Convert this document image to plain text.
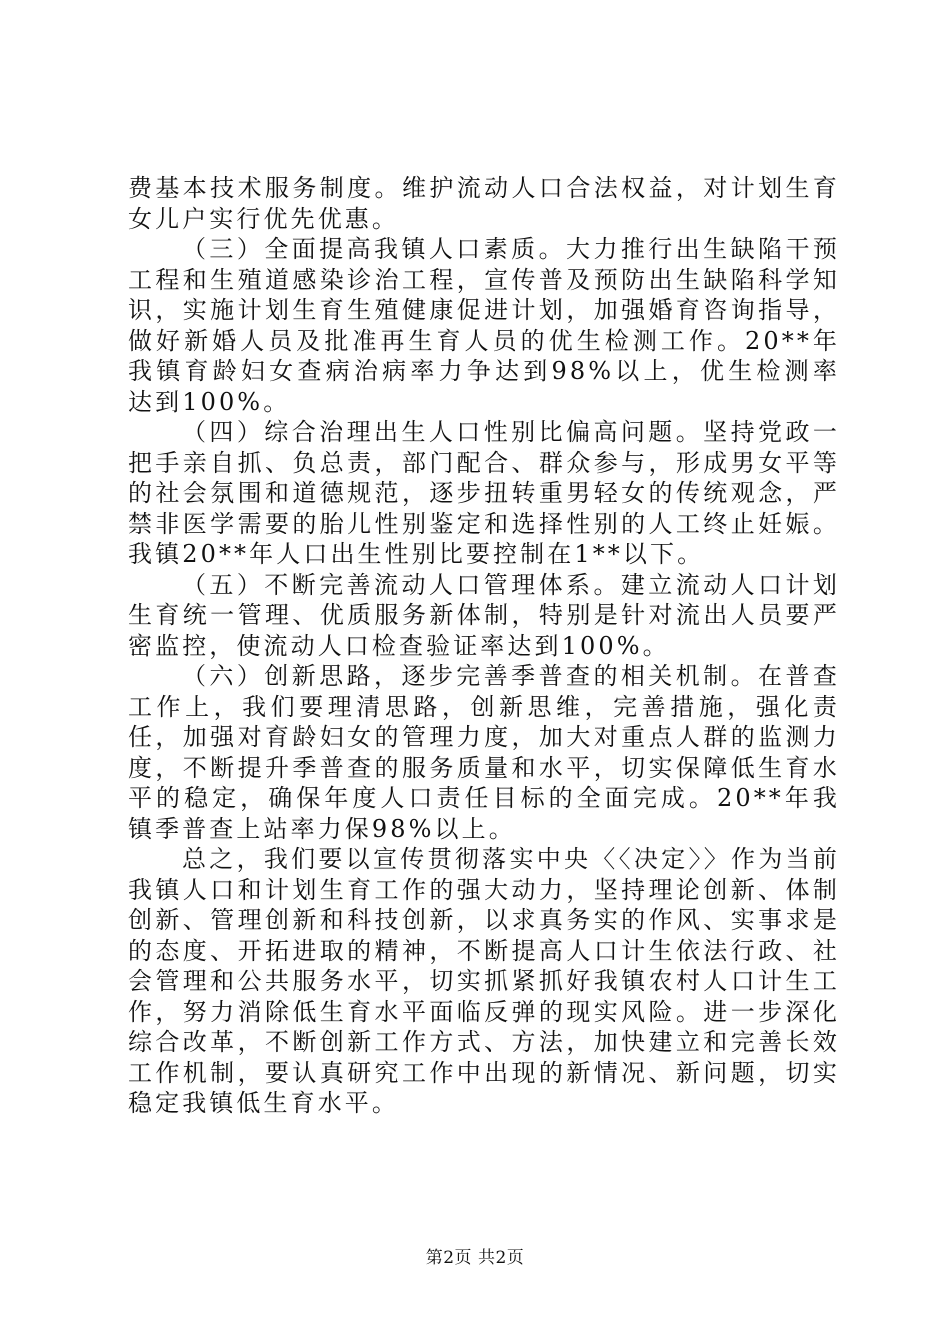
费基本技术服务制度。维护流动人口合法权益，对计划生育女儿户实行优先优惠。

（三）全面提高我镇人口素质。大力推行出生缺陷干预工程和生殖道感染诊治工程，宣传普及预防出生缺陷科学知识，实施计划生育生殖健康促进计划，加强婚育咨询指导，做好新婚人员及批准再生育人员的优生检测工作。20**年我镇育龄妇女查病治病率力争达到98%以上，优生检测率达到100%。

（四）综合治理出生人口性别比偏高问题。坚持党政一把手亲自抓、负总责，部门配合、群众参与，形成男女平等的社会氛围和道德规范，逐步扭转重男轻女的传统观念，严禁非医学需要的胎儿性别鉴定和选择性别的人工终止妊娠。我镇20**年人口出生性别比要控制在1**以下。

（五）不断完善流动人口管理体系。建立流动人口计划生育统一管理、优质服务新体制，特别是针对流出人员要严密监控，使流动人口检查验证率达到100%。

（六）创新思路，逐步完善季普查的相关机制。在普查工作上，我们要理清思路，创新思维，完善措施，强化责任，加强对育龄妇女的管理力度，加大对重点人群的监测力度，不断提升季普查的服务质量和水平，切实保障低生育水平的稳定，确保年度人口责任目标的全面完成。20**年我镇季普查上站率力保98%以上。

总之，我们要以宣传贯彻落实中央〈〈决定〉〉作为当前我镇人口和计划生育工作的强大动力，坚持理论创新、体制创新、管理创新和科技创新，以求真务实的作风、实事求是的态度、开拓进取的精神，不断提高人口计生依法行政、社会管理和公共服务水平，切实抓紧抓好我镇农村人口计生工作，努力消除低生育水平面临反弹的现实风险。进一步深化综合改革，不断创新工作方式、方法，加快建立和完善长效工作机制，要认真研究工作中出现的新情况、新问题，切实稳定我镇低生育水平。

第2页 共2页
